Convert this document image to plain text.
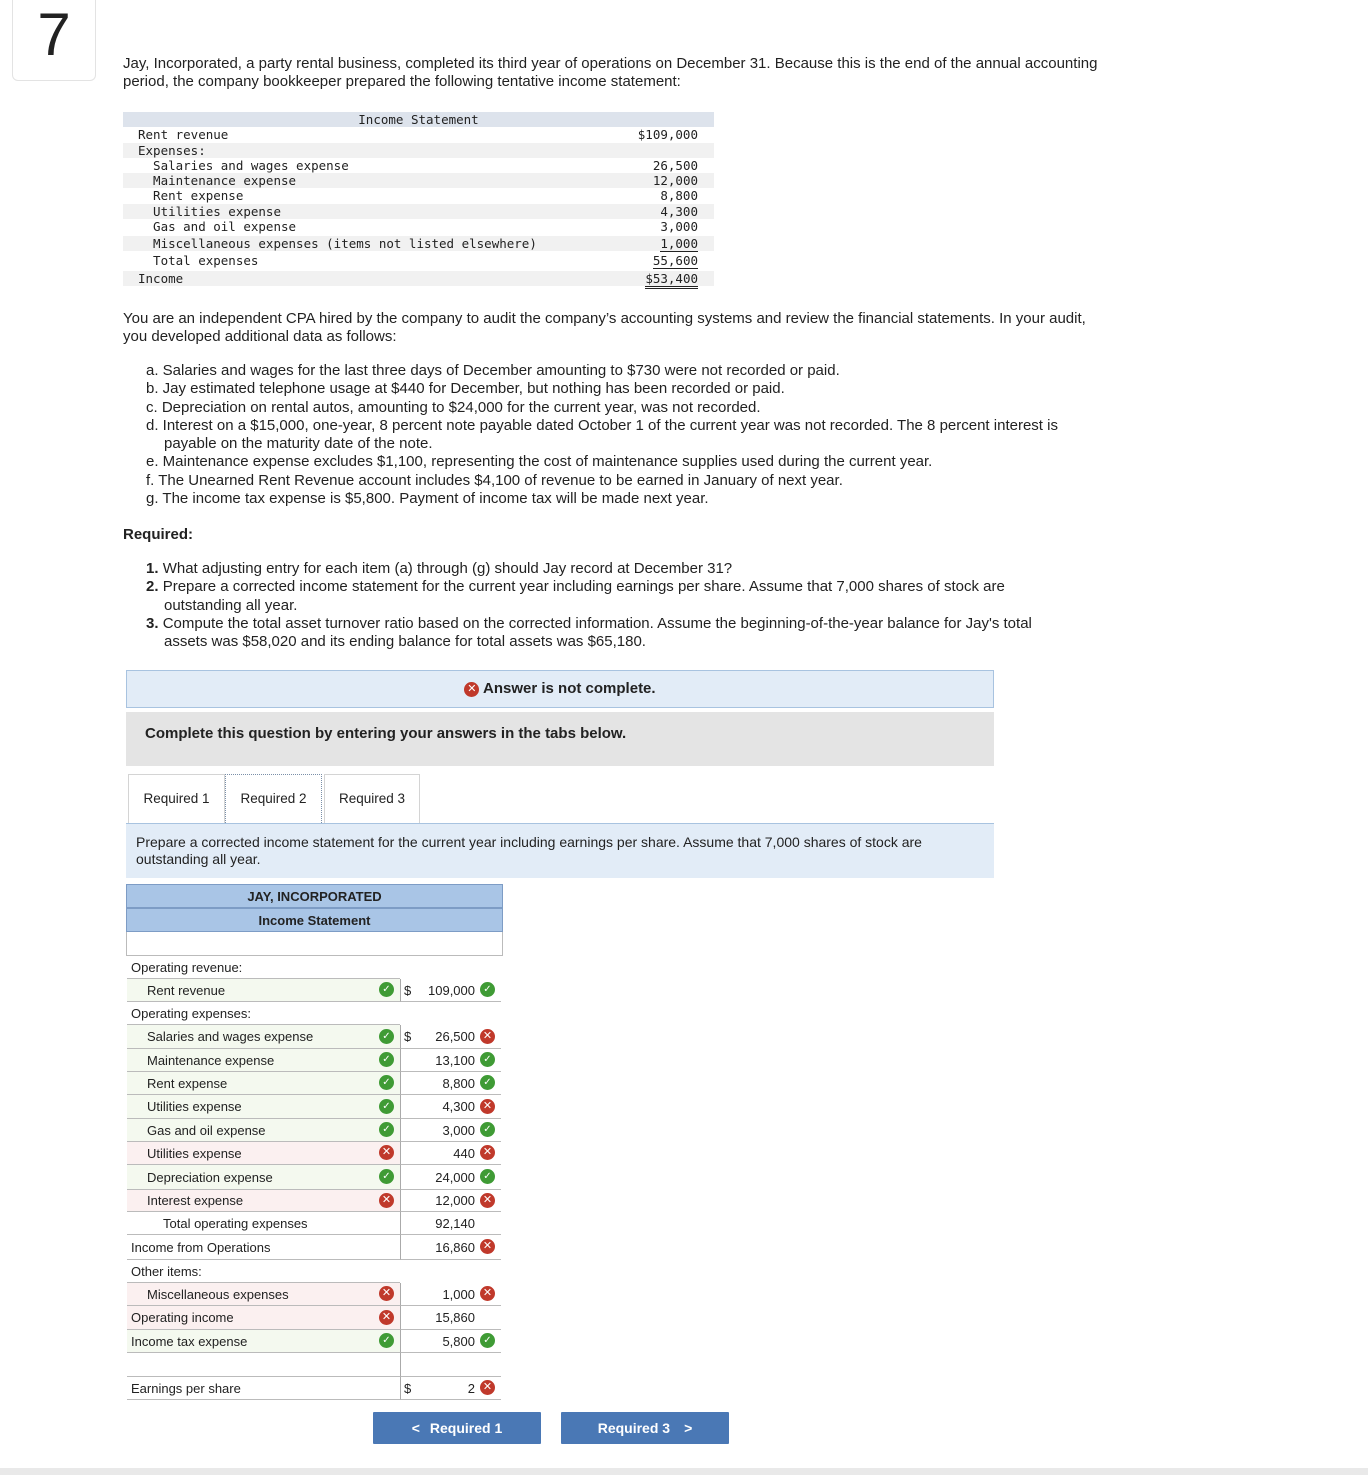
7	Jay, Incorporated, a party rental business, completed its third year of operations on December 31. Because this is the end of the annual accounting period, the company bookkeeper prepared the following tentative income statement:
Income Statement
Rent revenue	$109,000
Expenses:
Salaries and wages expense	26,500
Maintenance expense	12,000
Rent expense	8,800
Utilities expense	4,300
Gas and oil expense	3,000
Miscellaneous expenses (items not listed elsewhere)	1,000
Total expenses	55,600
Income	$53,400
You are an independent CPA hired by the company to audit the company’s accounting systems and review the financial statements. In your audit, you developed additional data as follows:
a. Salaries and wages for the last three days of December amounting to $730 were not recorded or paid.
b. Jay estimated telephone usage at $440 for December, but nothing has been recorded or paid.
c. Depreciation on rental autos, amounting to $24,000 for the current year, was not recorded.
d. Interest on a $15,000, one-year, 8 percent note payable dated October 1 of the current year was not recorded. The 8 percent interest is payable on the maturity date of the note.
e. Maintenance expense excludes $1,100, representing the cost of maintenance supplies used during the current year.
f. The Unearned Rent Revenue account includes $4,100 of revenue to be earned in January of next year.
g. The income tax expense is $5,800. Payment of income tax will be made next year.
Required:
1. What adjusting entry for each item (a) through (g) should Jay record at December 31?
2. Prepare a corrected income statement for the current year including earnings per share. Assume that 7,000 shares of stock are outstanding all year.
3. Compute the total asset turnover ratio based on the corrected information. Assume the beginning-of-the-year balance for Jay's total assets was $58,020 and its ending balance for total assets was $65,180.
✕ Answer is not complete.
Complete this question by entering your answers in the tabs below.
Required 1	Required 2	Required 3
Prepare a corrected income statement for the current year including earnings per share. Assume that 7,000 shares of stock are outstanding all year.
JAY, INCORPORATED
Income Statement
Operating revenue:
Rent revenue	✓ $ 109,000 ✓
Operating expenses:
Salaries and wages expense	✓ $ 26,500 ✕
Maintenance expense	✓	13,100 ✓
Rent expense	✓	8,800 ✓
Utilities expense	✓	4,300 ✕
Gas and oil expense	✓	3,000 ✓
Utilities expense	✕	440 ✕
Depreciation expense	✓	24,000 ✓
Interest expense	✕	12,000 ✕
Total operating expenses	92,140
Income from Operations	16,860 ✕
Other items:
Miscellaneous expenses	✕	1,000 ✕
Operating income	✕	15,860
Income tax expense	✓	5,800 ✓
Earnings per share	$	2 ✕
< Required 1	Required 3 >
